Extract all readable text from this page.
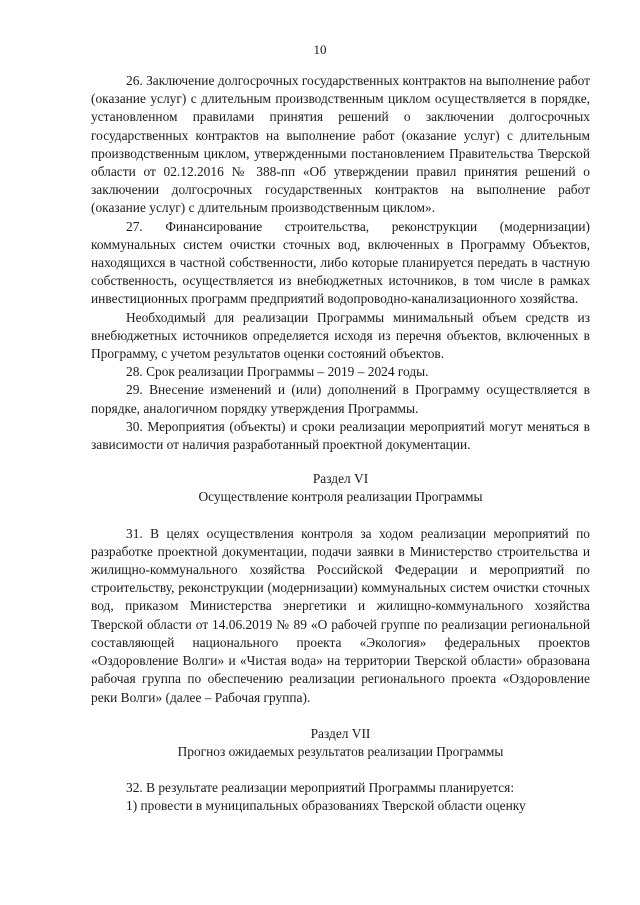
10

26. Заключение долгосрочных государственных контрактов на выполнение работ (оказание услуг) с длительным производственным циклом осуществляется в порядке, установленном правилами принятия решений о заключении долгосрочных государственных контрактов на выполнение работ (оказание услуг) с длительным производственным циклом, утвержденными постановлением Правительства Тверской области от 02.12.2016 № 388-пп «Об утверждении правил принятия решений о заключении долгосрочных государственных контрактов на выполнение работ (оказание услуг) с длительным производственным циклом».

27. Финансирование строительства, реконструкции (модернизации) коммунальных систем очистки сточных вод, включенных в Программу Объектов, находящихся в частной собственности, либо которые планируется передать в частную собственность, осуществляется из внебюджетных источников, в том числе в рамках инвестиционных программ предприятий водопроводно-канализационного хозяйства.

Необходимый для реализации Программы минимальный объем средств из внебюджетных источников определяется исходя из перечня объектов, включенных в Программу, с учетом результатов оценки состояний объектов.

28. Срок реализации Программы – 2019 – 2024 годы.

29. Внесение изменений и (или) дополнений в Программу осуществляется в порядке, аналогичном порядку утверждения Программы.

30. Мероприятия (объекты) и сроки реализации мероприятий могут меняться в зависимости от наличия разработанный проектной документации.

Раздел VI

Осуществление контроля реализации Программы

31. В целях осуществления контроля за ходом реализации мероприятий по разработке проектной документации, подачи заявки в Министерство строительства и жилищно-коммунального хозяйства Российской Федерации и мероприятий по строительству, реконструкции (модернизации) коммунальных систем очистки сточных вод, приказом Министерства энергетики и жилищно-коммунального хозяйства Тверской области от 14.06.2019 № 89 «О рабочей группе по реализации региональной составляющей национального проекта «Экология» федеральных проектов «Оздоровление Волги» и «Чистая вода» на территории Тверской области» образована рабочая группа по обеспечению реализации регионального проекта «Оздоровление реки Волги» (далее – Рабочая группа).

Раздел VII

Прогноз ожидаемых результатов реализации Программы

32. В результате реализации мероприятий Программы планируется:

1) провести в муниципальных образованиях Тверской области оценку
